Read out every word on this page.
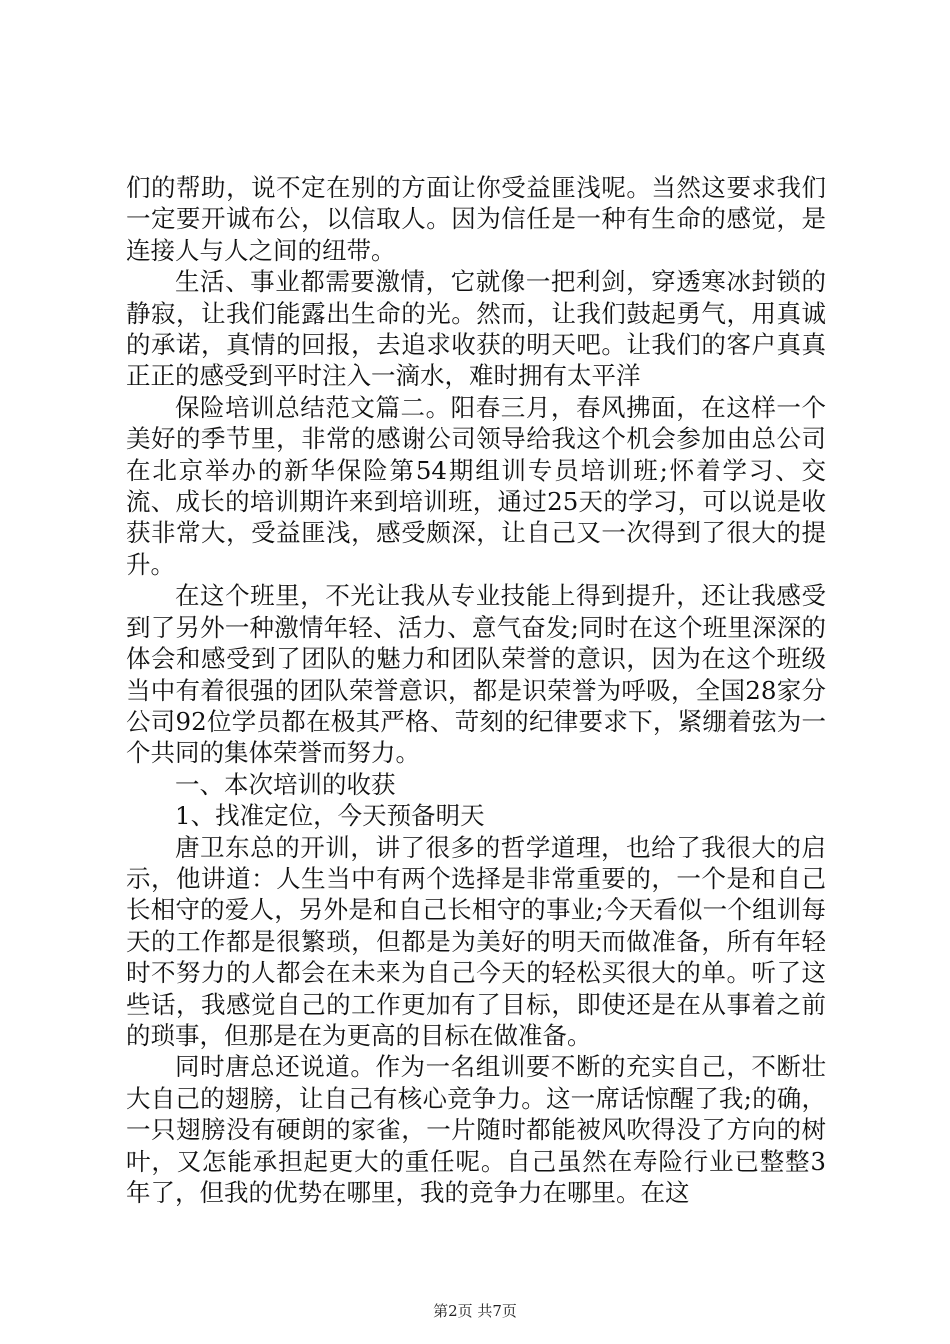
们的帮助，说不定在别的方面让你受益匪浅呢。当然这要求我们一定要开诚布公，以信取人。因为信任是一种有生命的感觉，是连接人与人之间的纽带。

生活、事业都需要激情，它就像一把利剑，穿透寒冰封锁的静寂，让我们能露出生命的光。然而，让我们鼓起勇气，用真诚的承诺，真情的回报，去追求收获的明天吧。让我们的客户真真正正的感受到平时注入一滴水，难时拥有太平洋

保险培训总结范文篇二。阳春三月，春风拂面，在这样一个美好的季节里，非常的感谢公司领导给我这个机会参加由总公司在北京举办的新华保险第54期组训专员培训班;怀着学习、交流、成长的培训期许来到培训班，通过25天的学习，可以说是收获非常大，受益匪浅，感受颇深，让自己又一次得到了很大的提升。

在这个班里，不光让我从专业技能上得到提升，还让我感受到了另外一种激情年轻、活力、意气奋发;同时在这个班里深深的体会和感受到了团队的魅力和团队荣誉的意识，因为在这个班级当中有着很强的团队荣誉意识，都是识荣誉为呼吸，全国28家分公司92位学员都在极其严格、苛刻的纪律要求下，紧绷着弦为一个共同的集体荣誉而努力。

一、本次培训的收获

1、找准定位，今天预备明天

唐卫东总的开训，讲了很多的哲学道理，也给了我很大的启示，他讲道：人生当中有两个选择是非常重要的，一个是和自己长相守的爱人，另外是和自己长相守的事业;今天看似一个组训每天的工作都是很繁琐，但都是为美好的明天而做准备，所有年轻时不努力的人都会在未来为自己今天的轻松买很大的单。听了这些话，我感觉自己的工作更加有了目标，即使还是在从事着之前的琐事，但那是在为更高的目标在做准备。

同时唐总还说道。作为一名组训要不断的充实自己，不断壮大自己的翅膀，让自己有核心竞争力。这一席话惊醒了我;的确，一只翅膀没有硬朗的家雀，一片随时都能被风吹得没了方向的树叶，又怎能承担起更大的重任呢。自己虽然在寿险行业已整整3年了，但我的优势在哪里，我的竞争力在哪里。在这

第2页 共7页
